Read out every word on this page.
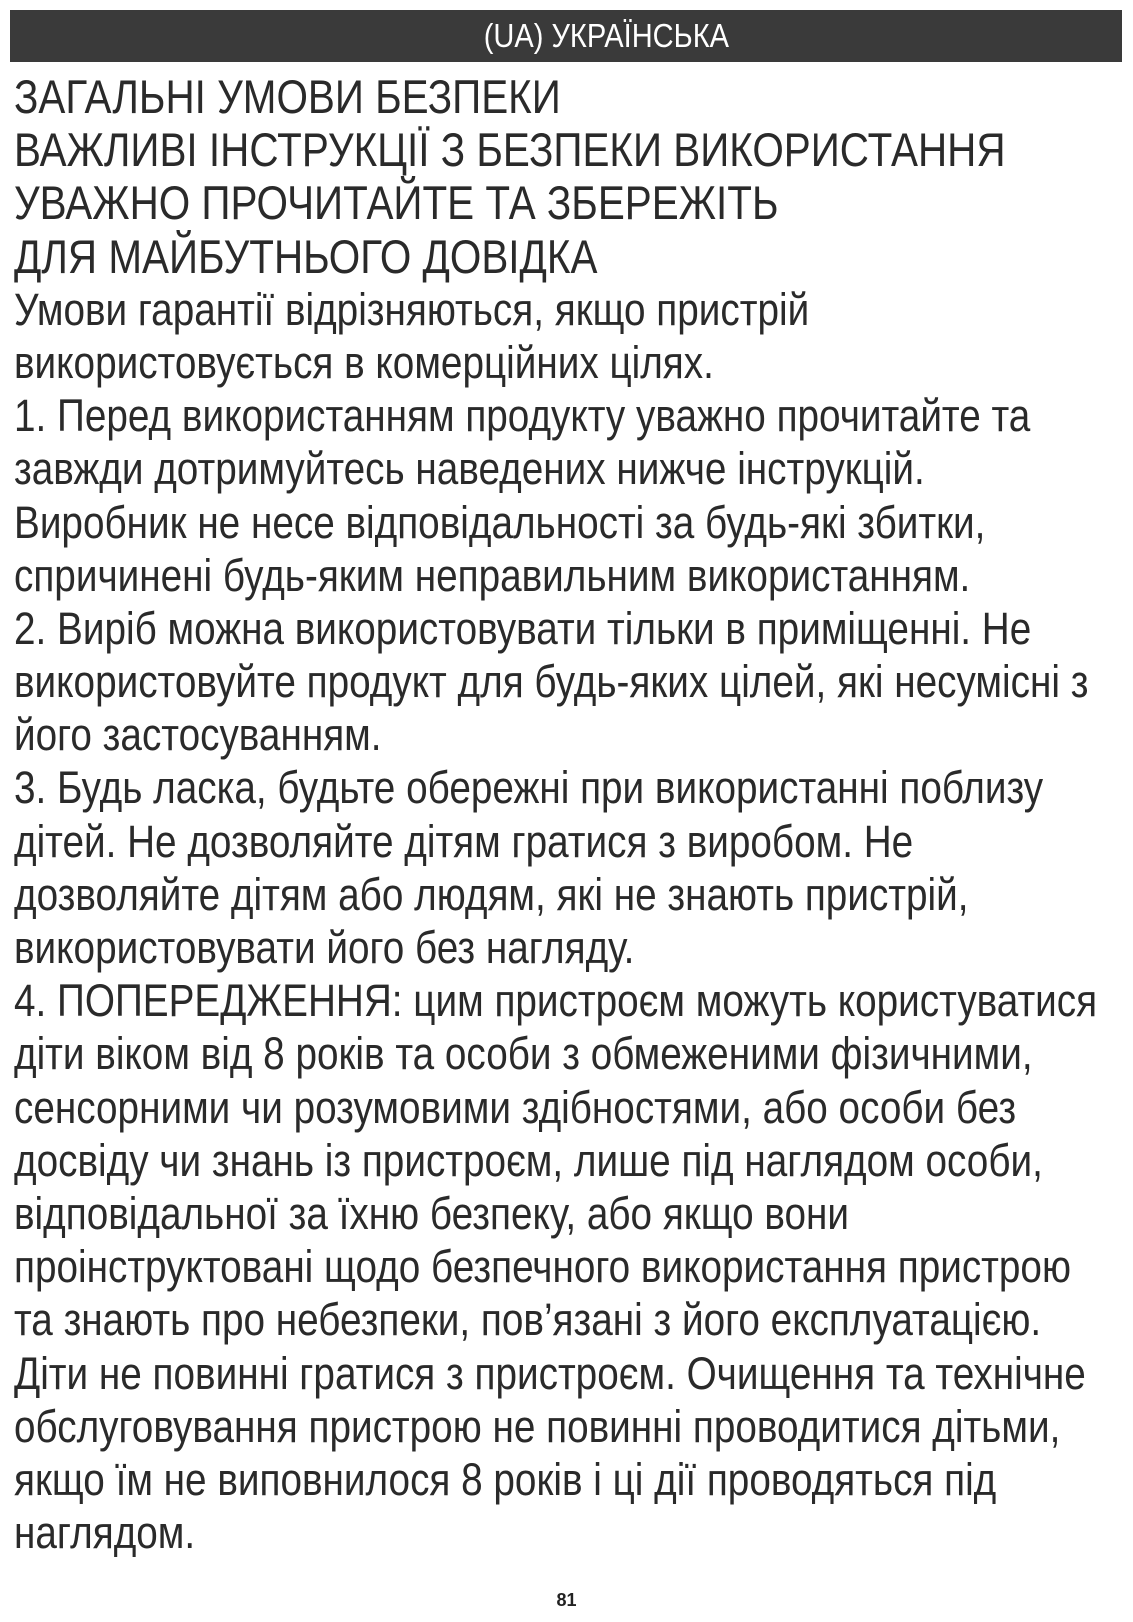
(UA) УКРАЇНСЬКА
ЗАГАЛЬНІ УМОВИ БЕЗПЕКИ
ВАЖЛИВІ ІНСТРУКЦІЇ З БЕЗПЕКИ ВИКОРИСТАННЯ
УВАЖНО ПРОЧИТАЙТЕ ТА ЗБЕРЕЖІТЬ
ДЛЯ МАЙБУТНЬОГО ДОВІДКА
Умови гарантії відрізняються, якщо пристрій
використовується в комерційних цілях.
1. Перед використанням продукту уважно прочитайте та
завжди дотримуйтесь наведених нижче інструкцій.
Виробник не несе відповідальності за будь-які збитки,
спричинені будь-яким неправильним використанням.
2. Виріб можна використовувати тільки в приміщенні. Не
використовуйте продукт для будь-яких цілей, які несумісні з
його застосуванням.
3. Будь ласка, будьте обережні при використанні поблизу
дітей. Не дозволяйте дітям гратися з виробом. Не
дозволяйте дітям або людям, які не знають пристрій,
використовувати його без нагляду.
4. ПОПЕРЕДЖЕННЯ: цим пристроєм можуть користуватися
діти віком від 8 років та особи з обмеженими фізичними,
сенсорними чи розумовими здібностями, або особи без
досвіду чи знань із пристроєм, лише під наглядом особи,
відповідальної за їхню безпеку, або якщо вони
проінструктовані щодо безпечного використання пристрою
та знають про небезпеки, пов’язані з його експлуатацією.
Діти не повинні гратися з пристроєм. Очищення та технічне
обслуговування пристрою не повинні проводитися дітьми,
якщо їм не виповнилося 8 років і ці дії проводяться під
наглядом.
81
